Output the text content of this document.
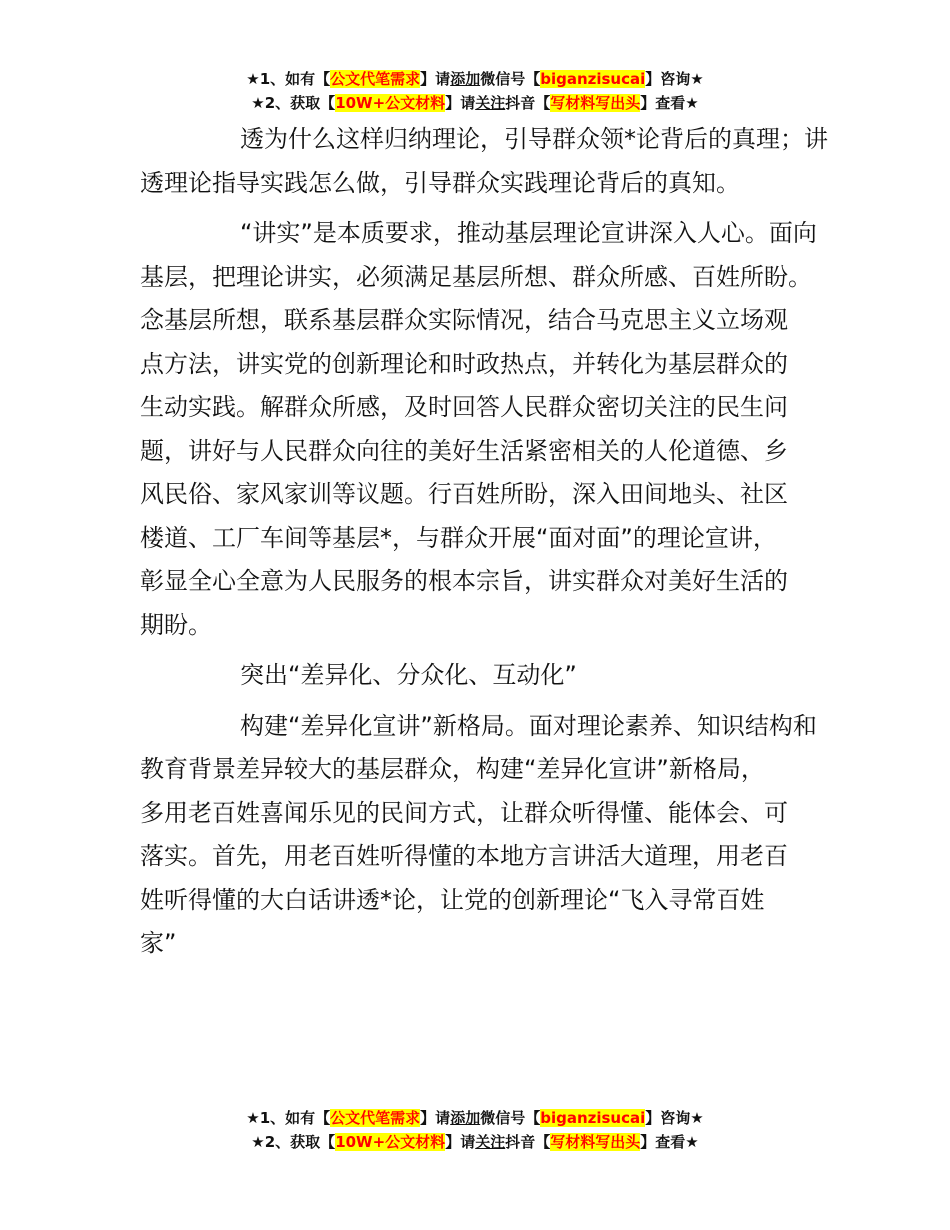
★1、如有【公文代笔需求】请添加微信号【biganzisucai】咨询★
★2、获取【10W+公文材料】请关注抖音【写材料写出头】查看★
透为什么这样归纳理论，引导群众领*论背后的真理；讲
透理论指导实践怎么做，引导群众实践理论背后的真知。
“讲实”是本质要求，推动基层理论宣讲深入人心。面向
基层，把理论讲实，必须满足基层所想、群众所感、百姓所盼。
念基层所想，联系基层群众实际情况，结合马克思主义立场观
点方法，讲实党的创新理论和时政热点，并转化为基层群众的
生动实践。解群众所感，及时回答人民群众密切关注的民生问
题，讲好与人民群众向往的美好生活紧密相关的人伦道德、乡
风民俗、家风家训等议题。行百姓所盼，深入田间地头、社区
楼道、工厂车间等基层*，与群众开展“面对面”的理论宣讲，
彰显全心全意为人民服务的根本宗旨，讲实群众对美好生活的
期盼。
突出“差异化、分众化、互动化”
构建“差异化宣讲”新格局。面对理论素养、知识结构和
教育背景差异较大的基层群众，构建“差异化宣讲”新格局，
多用老百姓喜闻乐见的民间方式，让群众听得懂、能体会、可
落实。首先，用老百姓听得懂的本地方言讲活大道理，用老百
姓听得懂的大白话讲透*论，让党的创新理论“飞入寻常百姓
家”
★1、如有【公文代笔需求】请添加微信号【biganzisucai】咨询★
★2、获取【10W+公文材料】请关注抖音【写材料写出头】查看★
